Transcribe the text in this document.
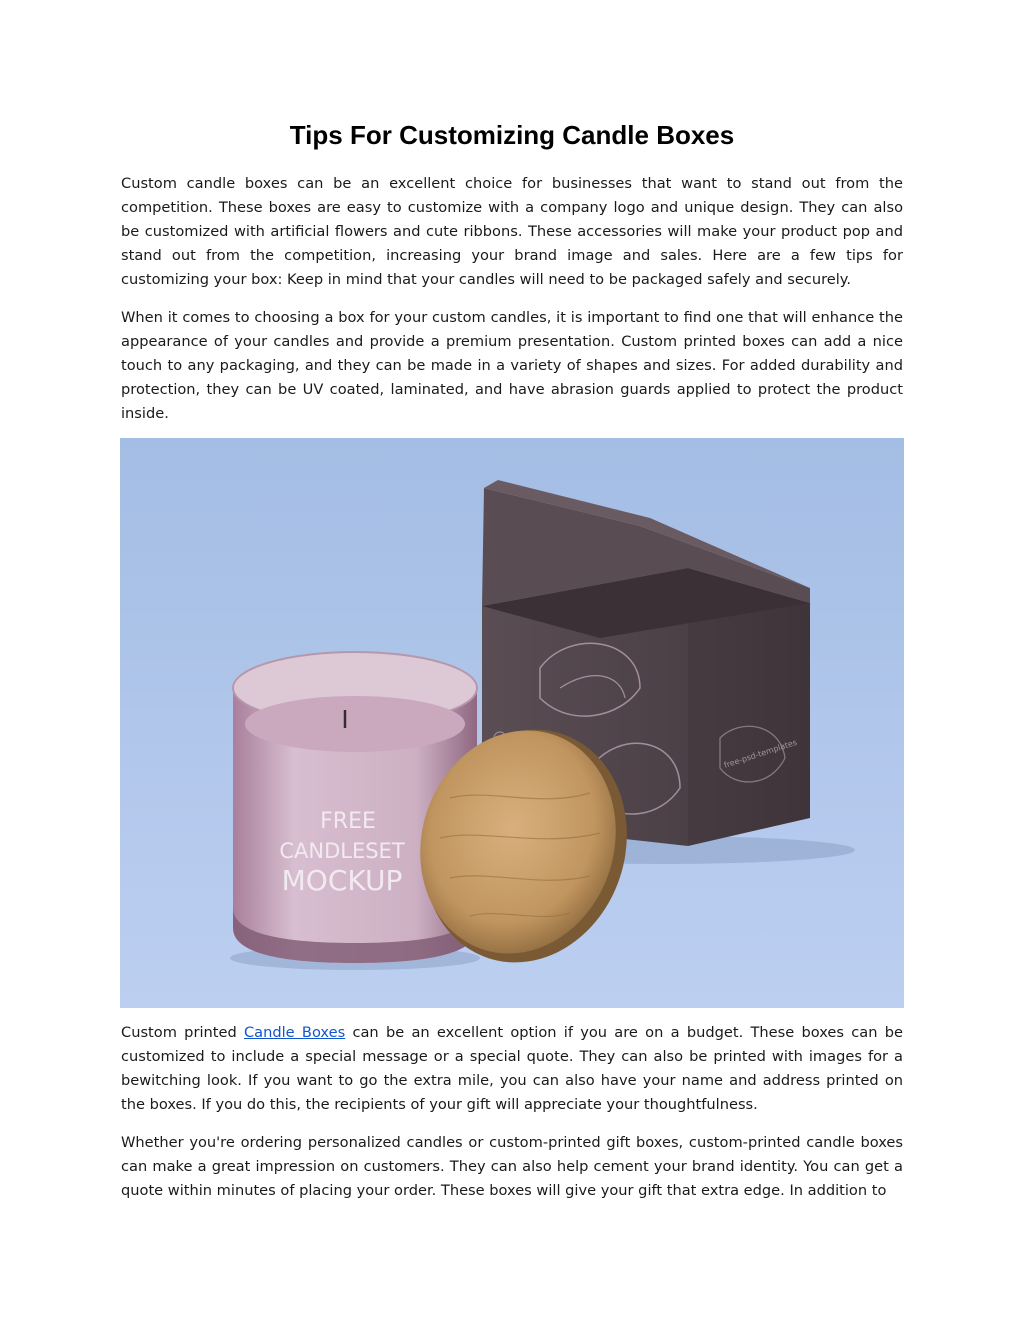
Tips For Customizing Candle Boxes

Custom candle boxes can be an excellent choice for businesses that want to stand out from the competition. These boxes are easy to customize with a company logo and unique design. They can also be customized with artificial flowers and cute ribbons. These accessories will make your product pop and stand out from the competition, increasing your brand image and sales. Here are a few tips for customizing your box: Keep in mind that your candles will need to be packaged safely and securely.

When it comes to choosing a box for your custom candles, it is important to find one that will enhance the appearance of your candles and provide a premium presentation. Custom printed boxes can add a nice touch to any packaging, and they can be made in a variety of shapes and sizes. For added durability and protection, they can be UV coated, laminated, and have abrasion guards applied to protect the product inside.

free-psd-templates
FREE
CANDLESET
MOCKUP

Custom printed Candle Boxes can be an excellent option if you are on a budget. These boxes can be customized to include a special message or a special quote. They can also be printed with images for a bewitching look. If you want to go the extra mile, you can also have your name and address printed on the boxes. If you do this, the recipients of your gift will appreciate your thoughtfulness.

Whether you're ordering personalized candles or custom-printed gift boxes, custom-printed candle boxes can make a great impression on customers. They can also help cement your brand identity. You can get a quote within minutes of placing your order. These boxes will give your gift that extra edge. In addition to
